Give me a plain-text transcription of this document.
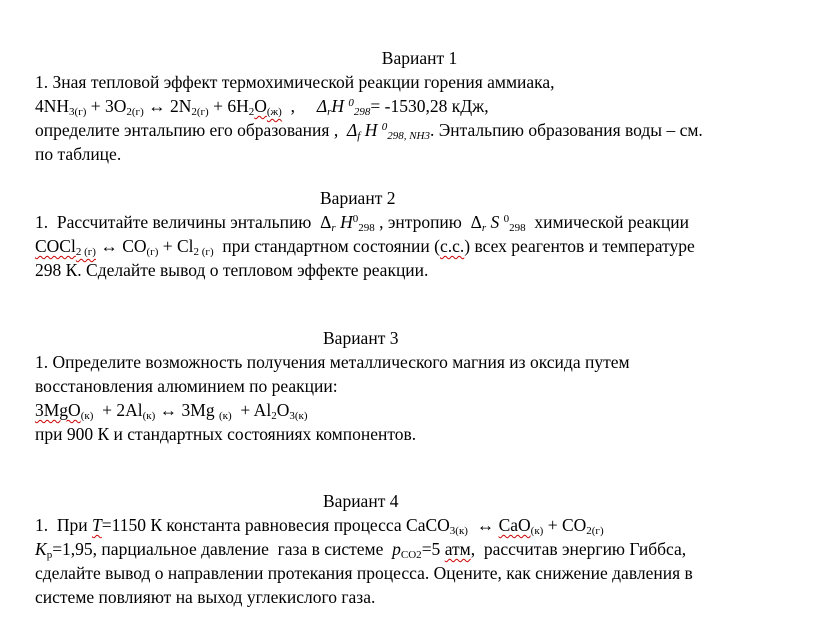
Вариант 1
1. Зная тепловой эффект термохимической реакции горения аммиака,
$4NH_{3(г)} + 3O_{2(г)}$ ↔ $2N_{2(г)} + 6H_2O_{(ж)}$  ,     $\Delta_rH$ $^0_{298}$= -1530,28 кДж,
определите энтальпию его образования ,  $\Delta_f$ H $^0_{298, NH3}$. Энтальпию образования воды – см.
по таблице.
Вариант 2
1.  Рассчитайте величины энтальпию  $\Delta_r$ $H^0_{298}$ , энтропию  $\Delta_r$ S $^0_{298}$  химической реакции
COCl$_{2 (г)}$ ↔ $CO_{(г)} + Cl_{2 (г)}$  при стандартном состоянии (с.с.) всех реагентов и температуре
298 К. Сделайте вывод о тепловом эффекте реакции.
Вариант 3
1. Определите возможность получения металлического магния из оксида путем
восстановления алюминием по реакции:
$3MgO_{(к)} + 2Al_{(к)}$ ↔ 3Mg $_{(к)} + Al_2O_{3(к)}$
при 900 К и стандартных состояниях компонентов.
Вариант 4
1.  При Т=1150 К константа равновесия процесса СаСО$_{3(к)}$  ↔ $СаО_{(к)} + СО_{2(г)}$
$K_p=1,95$, парциальное давление  газа в системе  $p_{CO2}=5$ атм,  рассчитав энергию Гиббса,
сделайте вывод о направлении протекания процесса. Оцените, как снижение давления в
системе повлияют на выход углекислого газа.
